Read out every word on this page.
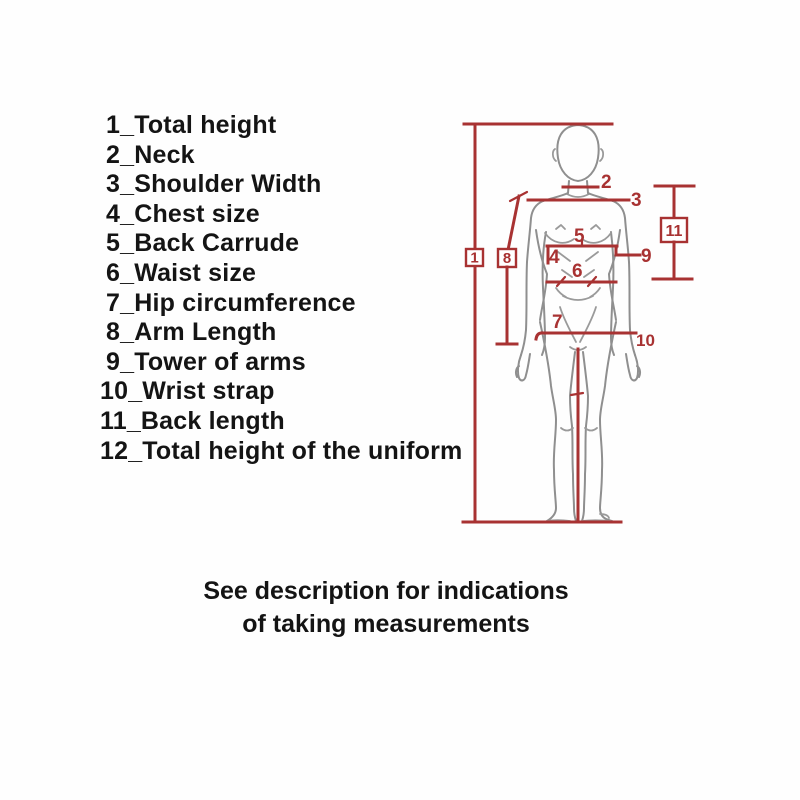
1_Total height
2_Neck
3_Shoulder Width
4_Chest size
5_Back Carrude
6_Waist size
7_Hip circumference
8_Arm Length
9_Tower of arms
10_Wrist strap
11_Back length
12_Total height of the uniform
1
2
3
8
5
4	9
6
7
10
11
See description for indications
of taking measurements
